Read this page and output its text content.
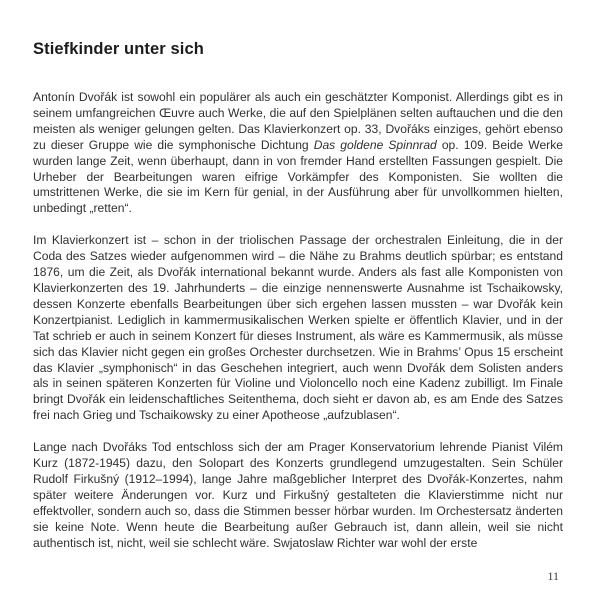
Stiefkinder unter sich

Antonín Dvořák ist sowohl ein populärer als auch ein geschätzter Komponist. Allerdings gibt es in seinem umfangreichen Œuvre auch Werke, die auf den Spielplänen selten auftauchen und die den meisten als weniger gelungen gelten. Das Klavierkonzert op. 33, Dvořáks einziges, gehört ebenso zu dieser Gruppe wie die symphonische Dichtung Das goldene Spinnrad op. 109. Beide Werke wurden lange Zeit, wenn überhaupt, dann in von fremder Hand erstellten Fassungen gespielt. Die Urheber der Bearbeitungen waren eifrige Vorkämpfer des Komponisten. Sie wollten die umstrittenen Werke, die sie im Kern für genial, in der Ausführung aber für unvollkommen hielten, unbedingt „retten“.

Im Klavierkonzert ist – schon in der triolischen Passage der orchestralen Einleitung, die in der Coda des Satzes wieder aufgenommen wird – die Nähe zu Brahms deutlich spürbar; es entstand 1876, um die Zeit, als Dvořák international bekannt wurde. Anders als fast alle Komponisten von Klavierkonzerten des 19. Jahrhunderts – die einzige nennenswerte Ausnahme ist Tschaikowsky, dessen Konzerte ebenfalls Bearbeitungen über sich ergehen lassen mussten – war Dvořák kein Konzertpianist. Lediglich in kammermusikalischen Werken spielte er öffentlich Klavier, und in der Tat schrieb er auch in seinem Konzert für dieses Instrument, als wäre es Kammermusik, als müsse sich das Klavier nicht gegen ein großes Orchester durchsetzen. Wie in Brahms’ Opus 15 erscheint das Klavier „symphonisch“ in das Geschehen integriert, auch wenn Dvořák dem Solisten anders als in seinen späteren Konzerten für Violine und Violoncello noch eine Kadenz zubilligt. Im Finale bringt Dvořák ein leidenschaftliches Seitenthema, doch sieht er davon ab, es am Ende des Satzes frei nach Grieg und Tschaikowsky zu einer Apotheose „aufzublasen“.

Lange nach Dvořáks Tod entschloss sich der am Prager Konservatorium lehrende Pianist Vilém Kurz (1872-1945) dazu, den Solopart des Konzerts grundlegend umzugestalten. Sein Schüler Rudolf Firkušný (1912–1994), lange Jahre maßgeblicher Interpret des Dvořák-Konzertes, nahm später weitere Änderungen vor. Kurz und Firkušný gestalteten die Klavierstimme nicht nur effektvoller, sondern auch so, dass die Stimmen besser hörbar wurden. Im Orchestersatz änderten sie keine Note. Wenn heute die Bearbeitung außer Gebrauch ist, dann allein, weil sie nicht authentisch ist, nicht, weil sie schlecht wäre. Swjatoslaw Richter war wohl der erste

11
